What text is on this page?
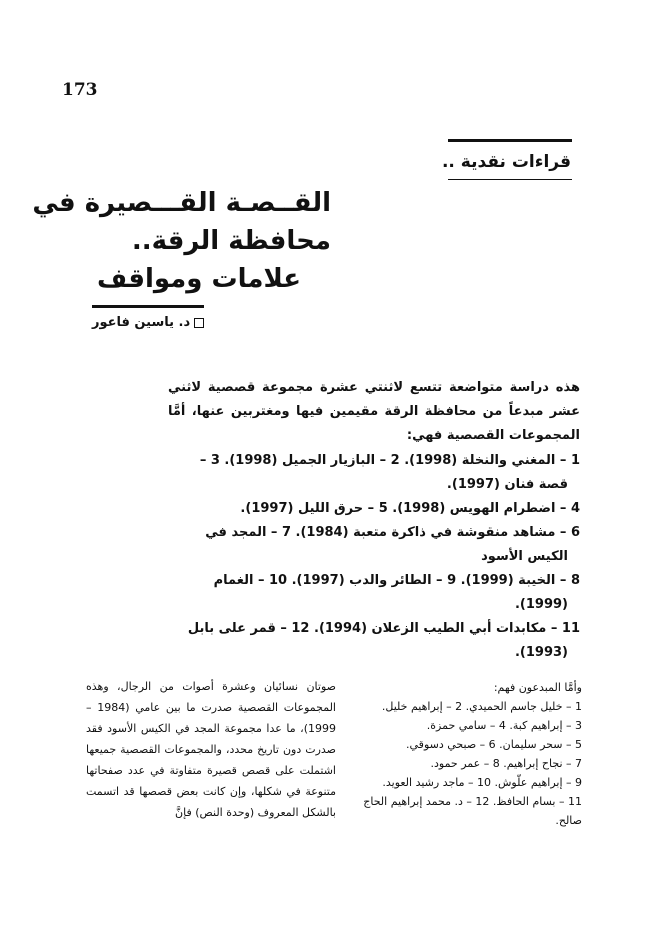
173
قراءات نقدية ..
القــصـة القـــصيرة في
محافظة الرقة..
علامات ومواقف
د. ياسين فاعور

هذه دراسة متواضعة تتسع لاثنتي عشرة مجموعة قصصية لاثني عشر مبدعاً من محافظة الرقة مقيمين فيها ومغتربين عنها، أمَّا المجموعات القصصية فهي:

1 – المغني والنخلة (1998). 2 – البازيار الجميل (1998). 3 – قصة فنان (1997).

4 – اضطرام الهويس (1998). 5 – حرق الليل (1997).

6 – مشاهد منقوشة في ذاكرة متعبة (1984). 7 – المجد في الكيس الأسود

8 – الخيبة (1999). 9 – الطائر والدب (1997). 10 – الغمام (1999).

11 – مكابدات أبي الطيب الزعلان (1994). 12 – قمر على بابل (1993).

صوتان نسائيان وعشرة أصوات من الرجال، وهذه المجموعات القصصية صدرت ما بين عامي (1984 – 1999)، ما عدا مجموعة المجد في الكيس الأسود فقد صدرت دون تاريخ محدد، والمجموعات القصصية جميعها اشتملت على قصص قصيرة متفاوتة في عدد صفحاتها متنوعة في شكلها، وإن كانت بعض قصصها قد اتسمت بالشكل المعروف (وحدة النص) فإنَّ

وأمَّا المبدعون فهم:

1 – خليل جاسم الحميدي. 2 – إبراهيم خليل.

3 – إبراهيم كبة. 4 – سامي حمزة.

5 – سحر سليمان. 6 – صبحي دسوقي.

7 – نجاح إبراهيم. 8 – عمر حمود.

9 – إبراهيم علّوش. 10 – ماجد رشيد العويد.

11 – بسام الحافظ. 12 – د. محمد إبراهيم الحاج صالح.
